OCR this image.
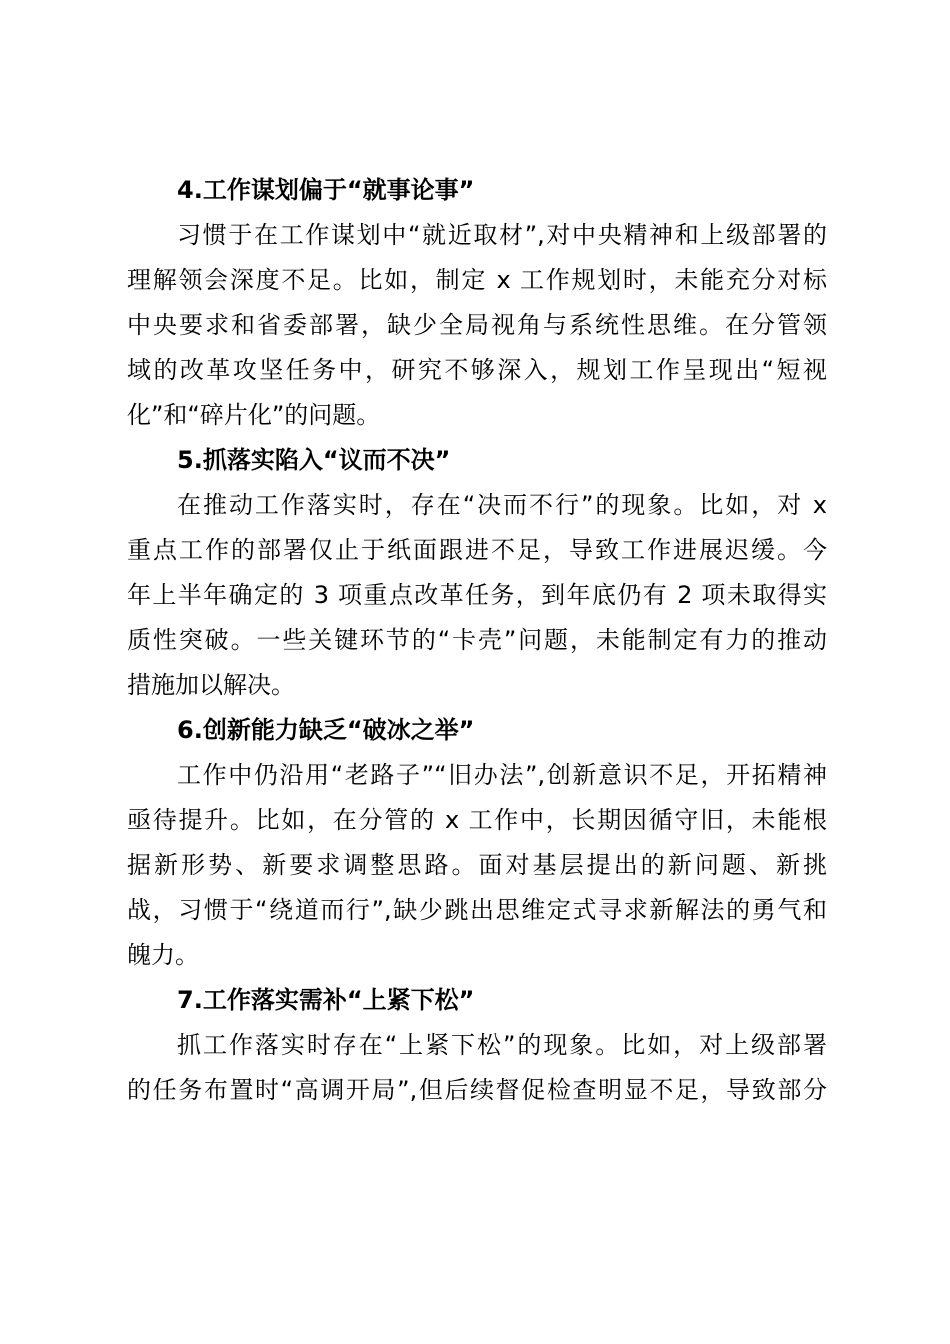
4.工作谋划偏于“就事论事”
习惯于在工作谋划中“就近取材”,对中央精神和上级部署的
理解领会深度不足。比如，制定 x 工作规划时，未能充分对标
中央要求和省委部署，缺少全局视角与系统性思维。在分管领
域的改革攻坚任务中，研究不够深入，规划工作呈现出“短视
化”和“碎片化”的问题。
5.抓落实陷入“议而不决”
在推动工作落实时，存在“决而不行”的现象。比如，对 x
重点工作的部署仅止于纸面跟进不足，导致工作进展迟缓。今
年上半年确定的 3 项重点改革任务，到年底仍有 2 项未取得实
质性突破。一些关键环节的“卡壳”问题，未能制定有力的推动
措施加以解决。
6.创新能力缺乏“破冰之举”
工作中仍沿用“老路子”“旧办法”,创新意识不足，开拓精神
亟待提升。比如，在分管的 x 工作中，长期因循守旧，未能根
据新形势、新要求调整思路。面对基层提出的新问题、新挑
战，习惯于“绕道而行”,缺少跳出思维定式寻求新解法的勇气和
魄力。
7.工作落实需补“上紧下松”
抓工作落实时存在“上紧下松”的现象。比如，对上级部署
的任务布置时“高调开局”,但后续督促检查明显不足，导致部分
